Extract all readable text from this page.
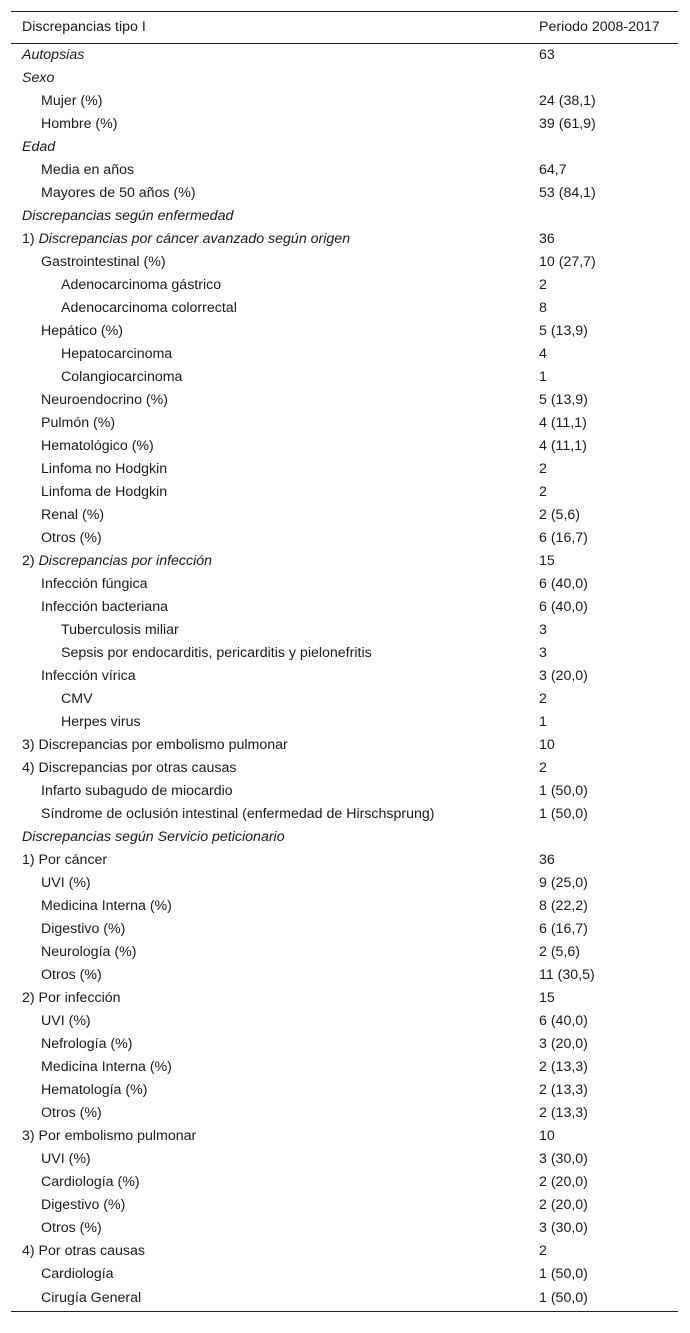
Discrepancias tipo I	Periodo 2008-2017

Autopsias	63

Sexo	

Mujer (%)	24 (38,1)

Hombre (%)	39 (61,9)

Edad	

Media en años	64,7

Mayores de 50 años (%)	53 (84,1)

Discrepancias según enfermedad	

1) Discrepancias por cáncer avanzado según origen	36

Gastrointestinal (%)	10 (27,7)

Adenocarcinoma gástrico	2

Adenocarcinoma colorrectal	8

Hepático (%)	5 (13,9)

Hepatocarcinoma	4

Colangiocarcinoma	1

Neuroendocrino (%)	5 (13,9)

Pulmón (%)	4 (11,1)

Hematológico (%)	4 (11,1)

Linfoma no Hodgkin	2

Linfoma de Hodgkin	2

Renal (%)	2 (5,6)

Otros (%)	6 (16,7)

2) Discrepancias por infección	15

Infección fúngica	6 (40,0)

Infección bacteriana	6 (40,0)

Tuberculosis miliar	3

Sepsis por endocarditis, pericarditis y pielonefritis	3

Infección vírica	3 (20,0)

CMV	2

Herpes virus	1

3) Discrepancias por embolismo pulmonar	10

4) Discrepancias por otras causas	2

Infarto subagudo de miocardio	1 (50,0)

Síndrome de oclusión intestinal (enfermedad de Hirschsprung)	1 (50,0)

Discrepancias según Servicio peticionario	

1) Por cáncer	36

UVI (%)	9 (25,0)

Medicina Interna (%)	8 (22,2)

Digestivo (%)	6 (16,7)

Neurología (%)	2 (5,6)

Otros (%)	11 (30,5)

2) Por infección	15

UVI (%)	6 (40,0)

Nefrología (%)	3 (20,0)

Medicina Interna (%)	2 (13,3)

Hematología (%)	2 (13,3)

Otros (%)	2 (13,3)

3) Por embolismo pulmonar	10

UVI (%)	3 (30,0)

Cardiología (%)	2 (20,0)

Digestivo (%)	2 (20,0)

Otros (%)	3 (30,0)

4) Por otras causas	2

Cardiología	1 (50,0)

Cirugía General	1 (50,0)
